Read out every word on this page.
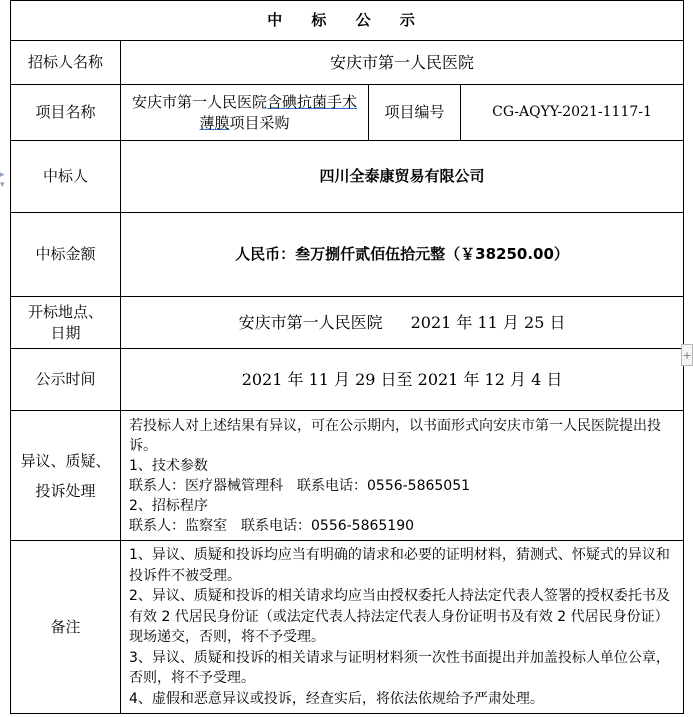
▸ ▾
中 标 公 示			
招标人名称	安庆市第一人民医院		
项目名称	安庆市第一人民医院含碘抗菌手术薄膜项目采购	项目编号	CG-AQYY-2021-1117-1
中标人	四川全泰康贸易有限公司		
中标金额	人民币：叁万捌仟贰佰伍拾元整（￥38250.00）		

开标地点、
日期	安庆市第一人民医院 2021 年 11 月 25 日		
公示时间	2021 年 11 月 29 日至 2021 年 12 月 4 日		

异议、质疑、
投诉处理	若投标人对上述结果有异议，可在公示期内，以书面形式向安庆市第一人民医院提出投诉。
1、技术参数
联系人：医疗器械管理科　联系电话：0556-5865051
2、招标程序
联系人：监察室　联系电话：0556-5865190		

备注	1、异议、质疑和投诉均应当有明确的请求和必要的证明材料，猜测式、怀疑式的异议和投诉件不被受理。
2、异议、质疑和投诉的相关请求均应当由授权委托人持法定代表人签署的授权委托书及有效 2 代居民身份证（或法定代表人持法定代表人身份证明书及有效 2 代居民身份证）现场递交，否则，将不予受理。
3、异议、质疑和投诉的相关请求与证明材料须一次性书面提出并加盖投标人单位公章，否则，将不予受理。
4、虚假和恶意异议或投诉，经查实后，将依法依规给予严肃处理。		
+
